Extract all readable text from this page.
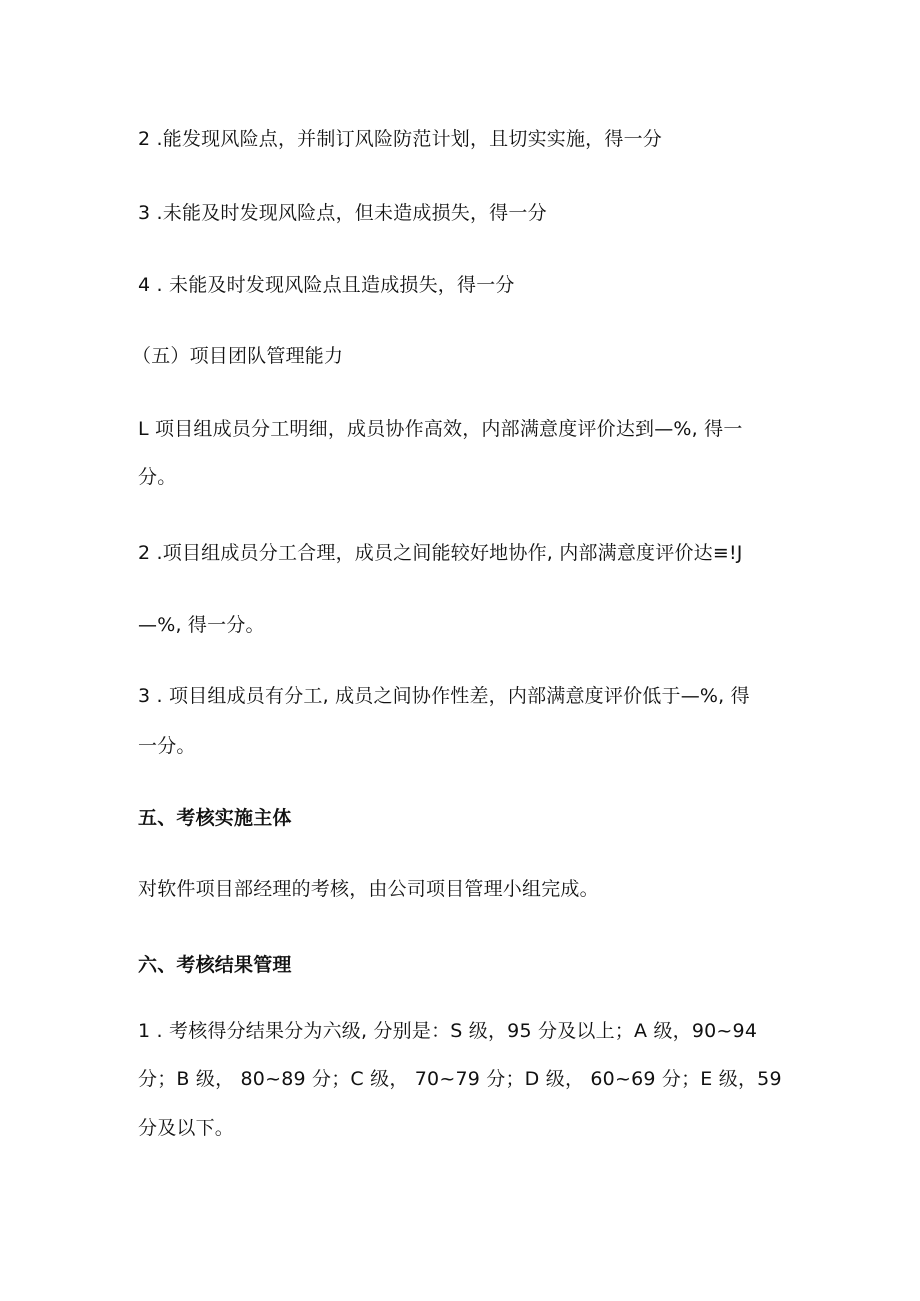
2 .能发现风险点，并制订风险防范计划，且切实实施，得一分

3 .未能及时发现风险点，但未造成损失，得一分

4 . 未能及时发现风险点且造成损失，得一分

（五）项目团队管理能力

L 项目组成员分工明细，成员协作高效，内部满意度评价达到—%, 得一

分。

2 .项目组成员分工合理，成员之间能较好地协作, 内部满意度评价达≡!J

—%, 得一分。

3 . 项目组成员有分工, 成员之间协作性差，内部满意度评价低于—%, 得

一分。

五、考核实施主体

对软件项目部经理的考核，由公司项目管理小组完成。

六、考核结果管理

1 . 考核得分结果分为六级, 分别是：S 级，95 分及以上；A 级，90~94

分；B 级， 80~89 分；C 级， 70~79 分；D 级， 60~69 分；E 级，59

分及以下。
